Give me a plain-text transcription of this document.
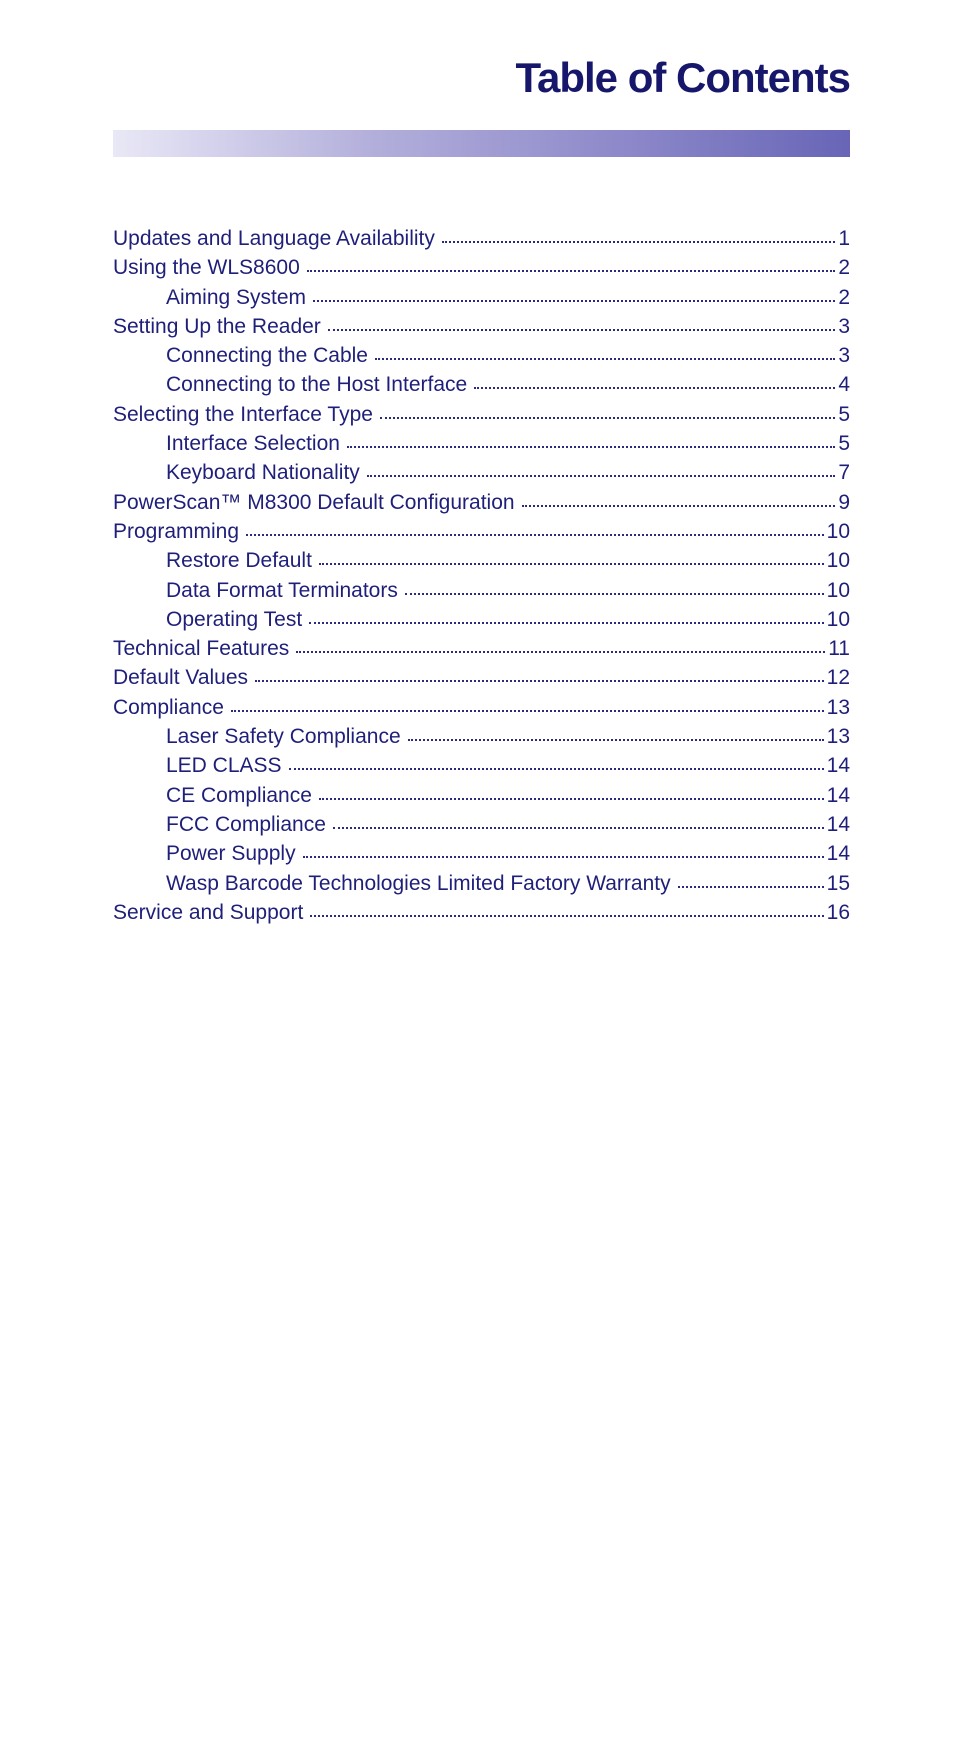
Table of Contents
Updates and Language Availability	1
Using the WLS8600	2
Aiming System	2
Setting Up the Reader	3
Connecting the Cable	3
Connecting to the Host Interface	4
Selecting the Interface Type	5
Interface Selection	5
Keyboard Nationality	7
PowerScan™ M8300 Default Configuration	9
Programming	10
Restore Default	10
Data Format Terminators	10
Operating Test	10
Technical Features	11
Default Values	12
Compliance	13
Laser Safety Compliance	13
LED CLASS	14
CE Compliance	14
FCC Compliance	14
Power Supply	14
Wasp Barcode Technologies Limited Factory Warranty	15
Service and Support	16
